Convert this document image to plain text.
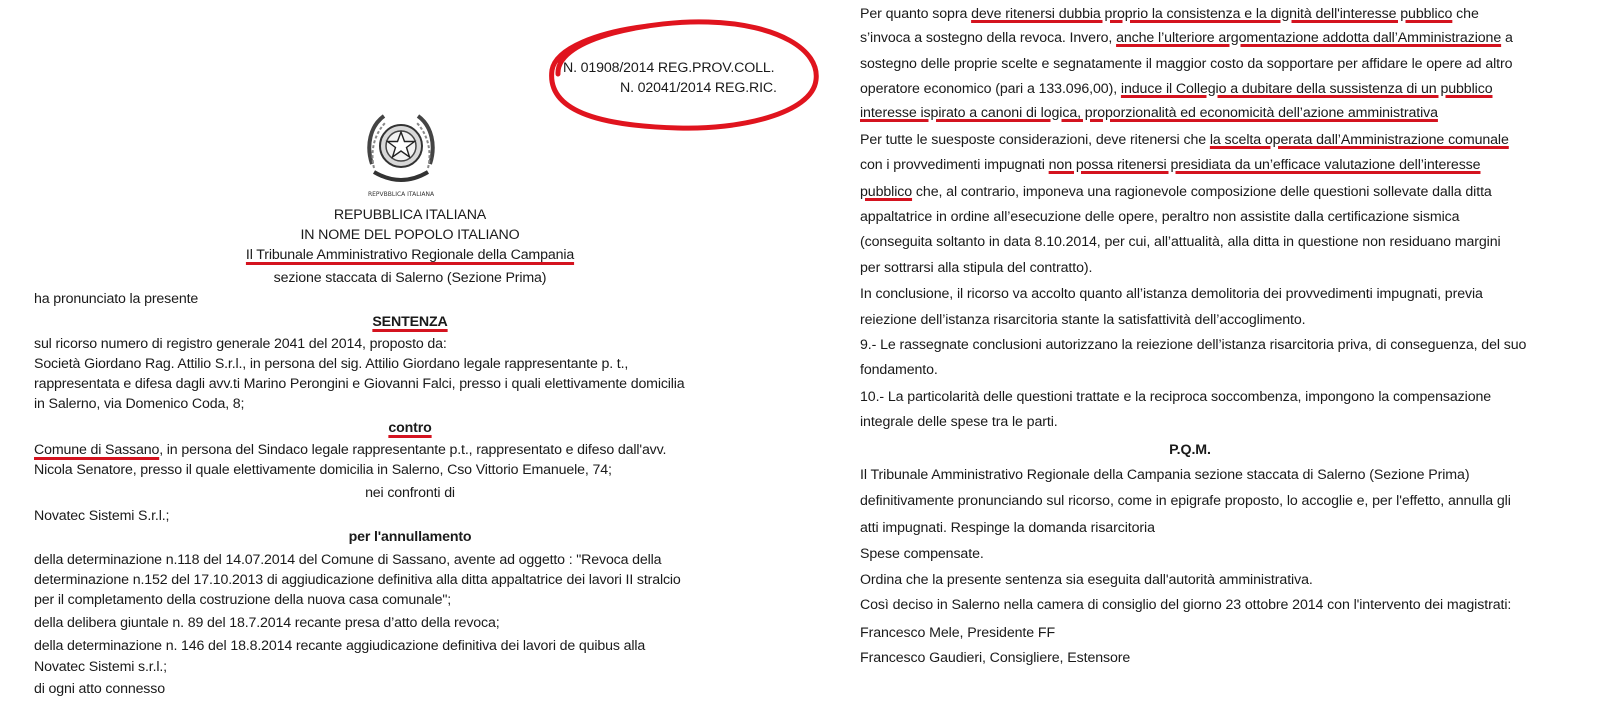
N. 01908/2014 REG.PROV.COLL.
N. 02041/2014 REG.RIC.
REPVBBLICA ITALIANA
REPUBBLICA ITALIANA
IN NOME DEL POPOLO ITALIANO
Il Tribunale Amministrativo Regionale della Campania
sezione staccata di Salerno (Sezione Prima)
ha pronunciato la presente
SENTENZA
sul ricorso numero di registro generale 2041 del 2014, proposto da:
Società Giordano Rag. Attilio S.r.l., in persona del sig. Attilio Giordano legale rappresentante p. t.,
rappresentata e difesa dagli avv.ti Marino Perongini e Giovanni Falci, presso i quali elettivamente domicilia
in Salerno, via Domenico Coda, 8;
contro
Comune di Sassano, in persona del Sindaco legale rappresentante p.t., rappresentato e difeso dall'avv.
Nicola Senatore, presso il quale elettivamente domicilia in Salerno, Cso Vittorio Emanuele, 74;
nei confronti di
Novatec Sistemi S.r.l.;
per l'annullamento
della determinazione n.118 del 14.07.2014 del Comune di Sassano, avente ad oggetto : "Revoca della
determinazione n.152 del 17.10.2013 di aggiudicazione definitiva alla ditta appaltatrice dei lavori II stralcio
per il completamento della costruzione della nuova casa comunale";
della delibera giuntale n. 89 del 18.7.2014 recante presa d’atto della revoca;
della determinazione n. 146 del 18.8.2014 recante aggiudicazione definitiva dei lavori de quibus alla
Novatec Sistemi s.r.l.;
di ogni atto connesso
Per quanto sopra deve ritenersi dubbia proprio la consistenza e la dignità dell'interesse pubblico che
s’invoca a sostegno della revoca. Invero, anche l’ulteriore argomentazione addotta dall’Amministrazione a
sostegno delle proprie scelte e segnatamente il maggior costo da sopportare per affidare le opere ad altro
operatore economico (pari a 133.096,00), induce il Collegio a dubitare della sussistenza di un pubblico
interesse ispirato a canoni di logica, proporzionalità ed economicità dell’azione amministrativa
Per tutte le suesposte considerazioni, deve ritenersi che la scelta operata dall’Amministrazione comunale
con i provvedimenti impugnati non possa ritenersi presidiata da un’efficace valutazione dell’interesse
pubblico che, al contrario, imponeva una ragionevole composizione delle questioni sollevate dalla ditta
appaltatrice in ordine all’esecuzione delle opere, peraltro non assistite dalla certificazione sismica
(conseguita soltanto in data 8.10.2014, per cui, all’attualità, alla ditta in questione non residuano margini
per sottrarsi alla stipula del contratto).
In conclusione, il ricorso va accolto quanto all’istanza demolitoria dei provvedimenti impugnati, previa
reiezione dell’istanza risarcitoria stante la satisfattività dell’accoglimento.
9.- Le rassegnate conclusioni autorizzano la reiezione dell’istanza risarcitoria priva, di conseguenza, del suo
fondamento.
10.- La particolarità delle questioni trattate e la reciproca soccombenza, impongono la compensazione
integrale delle spese tra le parti.
P.Q.M.
Il Tribunale Amministrativo Regionale della Campania sezione staccata di Salerno (Sezione Prima)
definitivamente pronunciando sul ricorso, come in epigrafe proposto, lo accoglie e, per l'effetto, annulla gli
atti impugnati. Respinge la domanda risarcitoria
Spese compensate.
Ordina che la presente sentenza sia eseguita dall'autorità amministrativa.
Così deciso in Salerno nella camera di consiglio del giorno 23 ottobre 2014 con l'intervento dei magistrati:
Francesco Mele, Presidente FF
Francesco Gaudieri, Consigliere, Estensore
